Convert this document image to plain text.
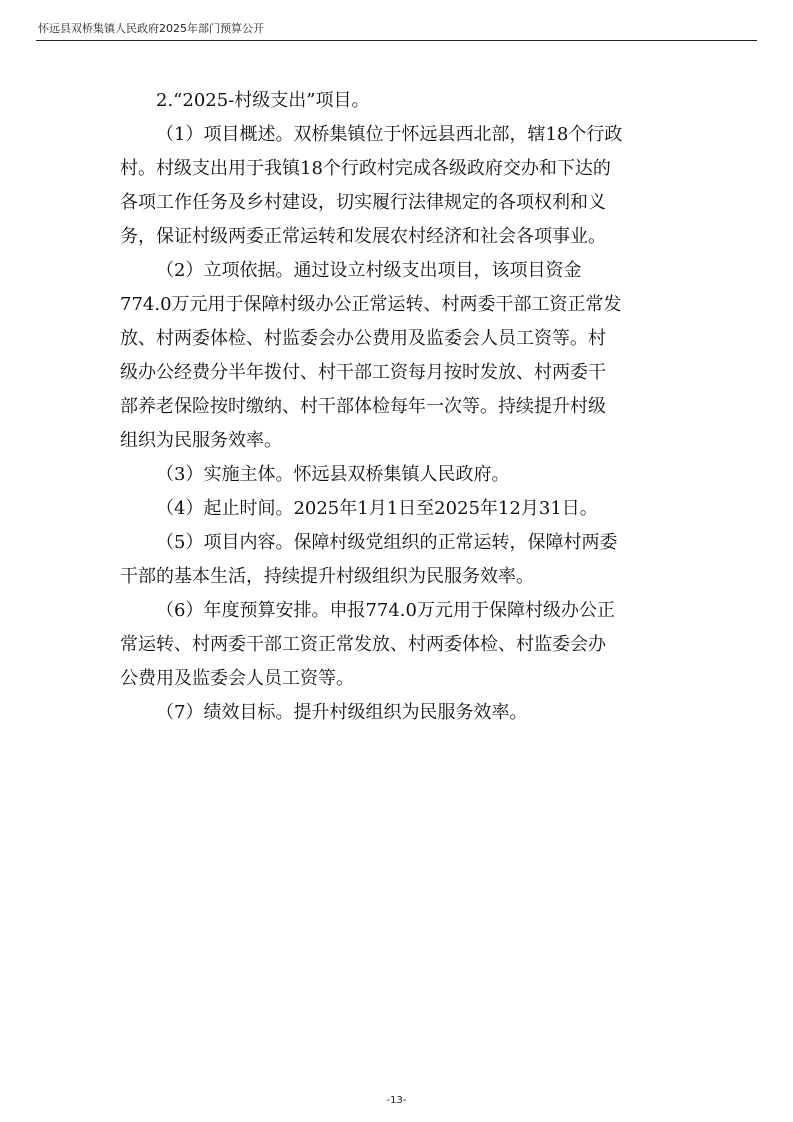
怀远县双桥集镇人民政府2025年部门预算公开

2.“2025-村级支出”项目。

（1）项目概述。双桥集镇位于怀远县西北部，辖18个行政
村。村级支出用于我镇18个行政村完成各级政府交办和下达的
各项工作任务及乡村建设，切实履行法律规定的各项权利和义
务，保证村级两委正常运转和发展农村经济和社会各项事业。

（2）立项依据。通过设立村级支出项目，该项目资金
774.0万元用于保障村级办公正常运转、村两委干部工资正常发
放、村两委体检、村监委会办公费用及监委会人员工资等。村
级办公经费分半年拨付、村干部工资每月按时发放、村两委干
部养老保险按时缴纳、村干部体检每年一次等。持续提升村级
组织为民服务效率。

（3）实施主体。怀远县双桥集镇人民政府。

（4）起止时间。2025年1月1日至2025年12月31日。

（5）项目内容。保障村级党组织的正常运转，保障村两委
干部的基本生活，持续提升村级组织为民服务效率。

（6）年度预算安排。申报774.0万元用于保障村级办公正
常运转、村两委干部工资正常发放、村两委体检、村监委会办
公费用及监委会人员工资等。

（7）绩效目标。提升村级组织为民服务效率。

-13-
